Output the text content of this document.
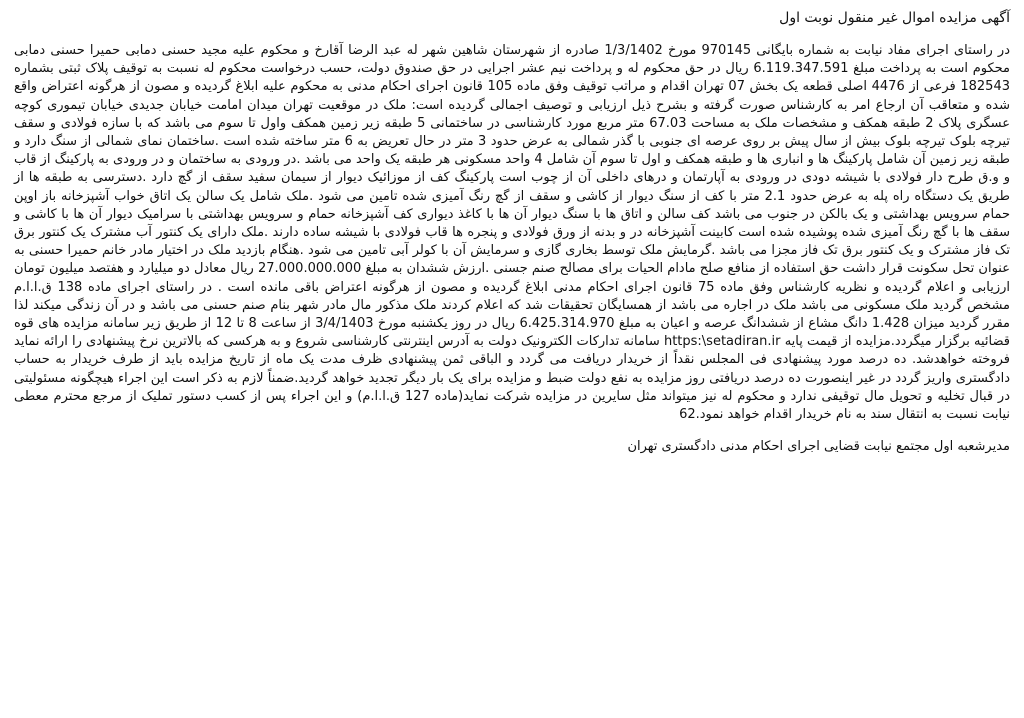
آگهی مزایده اموال غیر منقول نوبت اول

در راستای اجرای مفاد نیابت به شماره بایگانی 970145 مورخ 1/3/1402 صادره از شهرستان شاهین شهر له عبد الرضا آقارخ و محکوم علیه مجید حسنی دمابی حمیرا حسنی دمابی محکوم است به پرداخت مبلغ 6.119.347.591 ریال در حق محکوم له و پرداخت نیم عشر اجرایی در حق صندوق دولت، حسب درخواست محکوم له نسبت به توقیف پلاک ثبتی بشماره 182543 فرعی از 4476 اصلی قطعه یک بخش 07 تهران اقدام و مراتب توقیف وفق ماده 105 قانون اجرای احکام مدنی به محکوم علیه ابلاغ گردیده و مصون از هرگونه اعتراض واقع شده و متعاقب آن ارجاع امر به کارشناس صورت گرفته و بشرح ذیل ارزیابی و توصیف اجمالی گردیده است: ملک در موقعیت تهران میدان امامت خیابان جدیدی خیابان تیموری کوچه عسگری پلاک 2 طبقه همکف و مشخصات ملک به مساحت 67.03 متر مربع مورد کارشناسی در ساختمانی 5 طبقه زیر زمین همکف واول تا سوم می باشد که با سازه فولادی و سقف تیرچه بلوک تیرچه بلوک بیش از سال پیش بر روی عرصه ای جنوبی با گذر شمالی به عرض حدود 3 متر در حال تعریض به 6 متر ساخته شده است .ساختمان نمای شمالی از سنگ دارد و طبقه زیر زمین آن شامل پارکینگ ها و انباری ها و طبقه همکف و اول تا سوم آن شامل 4 واحد مسکونی هر طبقه یک واحد می باشد .در ورودی به ساختمان و در ورودی به پارکینگ از قاب و و.ق طرح دار فولادی با شیشه دودی در ورودی به آپارتمان و درهای داخلی آن از چوب است پارکینگ کف از موزائیک دیوار از سیمان سفید سقف از گچ دارد .دسترسی به طبقه ها از طریق یک دستگاه راه پله به عرض حدود 2.1 متر با کف از سنگ دیوار از کاشی و سقف از گچ رنگ آمیزی شده تامین می شود .ملک شامل یک سالن یک اتاق خواب آشپزخانه باز اوپن حمام سرویس بهداشتی و یک بالکن در جنوب می باشد کف سالن و اتاق ها با سنگ دیوار آن ها با کاغذ دیواری کف آشپزخانه حمام و سرویس بهداشتی با سرامیک دیوار آن ها با کاشی و سقف ها با گچ رنگ آمیزی شده پوشیده شده است کابینت آشپزخانه در و بدنه از ورق فولادی و پنجره ها قاب فولادی با شیشه ساده دارند .ملک دارای یک کنتور آب مشترک یک کنتور برق تک فاز مشترک و یک کنتور برق تک فاز مجزا می باشد .گرمایش ملک توسط بخاری گازی و سرمایش آن با کولر آبی تامین می شود .هنگام بازدید ملک در اختیار مادر خانم حمیرا حسنی به عنوان تحل سکونت قرار داشت حق استفاده از منافع صلح مادام الحیات برای مصالح صنم جسنی .ارزش ششدان به مبلغ 27.000.000.000 ریال معادل دو میلیارد و هفتصد میلیون تومان ارزیابی و اعلام گردیده و نظریه کارشناس وفق ماده 75 قانون اجرای احکام مدنی ابلاغ گردیده و مصون از هرگونه اعتراض باقی مانده است . در راستای اجرای ماده 138 ق.ا.ا.م مشخص گردید ملک مسکونی می باشد ملک در اجاره می باشد از همسایگان تحقیقات شد که اعلام کردند ملک مذکور مال مادر شهر بنام صنم حسنی می باشد و در آن زندگی میکند لذا مقرر گردید میزان 1.428 دانگ مشاع از ششدانگ عرصه و اعیان به مبلغ 6.425.314.970 ریال در روز یکشنبه مورخ 3/4/1403 از ساعت 8 تا 12 از طریق زیر سامانه مزایده های قوه قضائیه برگزار میگردد.مزایده از قیمت پایه https:\setadiran.ir سامانه تدارکات الکترونیک دولت به آدرس اینترنتی کارشناسی شروع و به هرکسی که بالاترین نرخ پیشنهادی را ارائه نماید فروخته خواهدشد. ده درصد مورد پیشنهادی فی المجلس نقداً از خریدار دریافت می گردد و الباقی ثمن پیشنهادی ظرف مدت یک ماه از تاریخ مزایده باید از طرف خریدار به حساب دادگستری واریز گردد در غیر اینصورت ده درصد دریافتی روز مزایده به نفع دولت ضبط و مزایده برای یک بار دیگر تجدید خواهد گردید.ضمناً لازم به ذکر است این اجراء هیچگونه مسئولیتی در قبال تخلیه و تحویل مال توقیفی ندارد و محکوم له نیز میتواند مثل سایرین در مزایده شرکت نماید(ماده 127 ق.ا.ا.م) و این اجراء پس از کسب دستور تملیک از مرجع محترم معطی نیابت نسبت به انتقال سند به نام خریدار اقدام خواهد نمود.62

مدیرشعبه اول مجتمع نیابت قضایی اجرای احکام مدنی دادگستری تهران
